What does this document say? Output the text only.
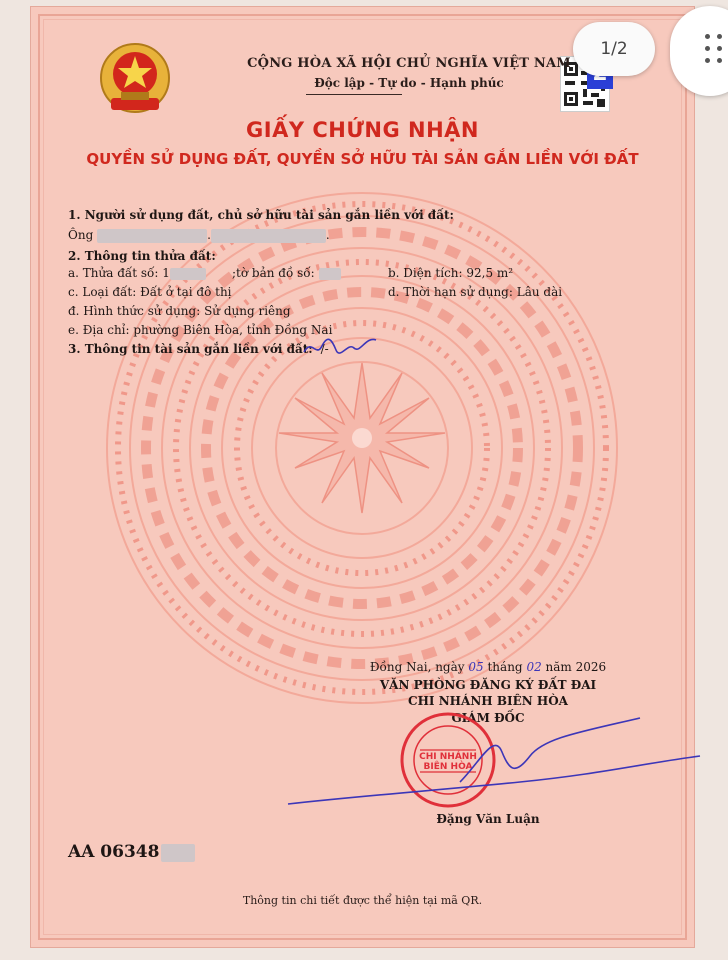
CỘNG HÒA XÃ HỘI CHỦ NGHĨA VIỆT NAM
Độc lập - Tự do - Hạnh phúc
GIẤY CHỨNG NHẬN
QUYỀN SỬ DỤNG ĐẤT, QUYỀN SỞ HỮU TÀI SẢN GẮN LIỀN VỚI ĐẤT
1. Người sử dụng đất, chủ sở hữu tài sản gắn liền với đất:
Ông	.	.
2. Thông tin thửa đất:
a. Thửa đất số: 1	;tờ bản đồ số:	b. Diện tích: 92,5 m²
c. Loại đất: Đất ở tại đô thị	d. Thời hạn sử dụng: Lâu dài
đ. Hình thức sử dụng: Sử dụng riêng
e. Địa chỉ: phường Biên Hòa, tỉnh Đồng Nai
3. Thông tin tài sản gắn liền với đất: -/-
Đồng Nai, ngày 05 tháng 02 năm 2026
VĂN PHÒNG ĐĂNG KÝ ĐẤT ĐAI
CHI NHÁNH BIÊN HÒA
GIÁM ĐỐC
CHI NHÁNH
BIÊN HÒA
Đặng Văn Luận
AA 06348
Thông tin chi tiết được thể hiện tại mã QR.
1/2
